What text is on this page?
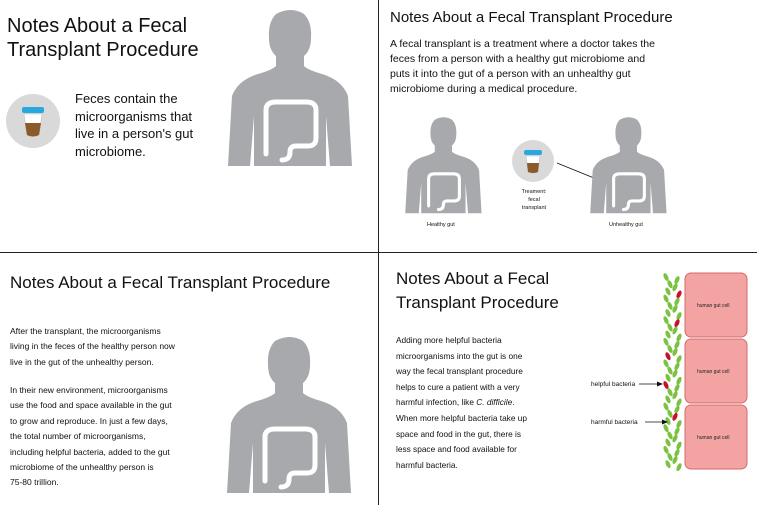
Notes About a Fecal
Transplant Procedure
Feces contain the
microorganisms that
live in a person's gut
microbiome.
Notes About a Fecal Transplant Procedure
A fecal transplant is a treatment where a doctor takes the
feces from a person with a healthy gut microbiome and
puts it into the gut of a person with an unhealthy gut
microbiome during a medical procedure.
Healthy gut
Treament:
fecal transplant
Unhealthy gut
Notes About a Fecal Transplant Procedure
After the transplant, the microorganisms
living in the feces of the healthy person now
live in the gut of the unhealthy person.
In their new environment, microorganisms
use the food and space available in the gut
to grow and reproduce. In just a few days,
the total number of microorganisms,
including helpful bacteria, added to the gut
microbiome of the unhealthy person is
75-80 trillion.
Notes About a Fecal
Transplant Procedure
Adding more helpful bacteria
microorganisms into the gut is one
way the fecal transplant procedure
helps to cure a patient with a very
harmful infection, like C. difficile.
When more helpful bacteria take up
space and food in the gut, there is
less space and food available for
harmful bacteria.
human gut cell
human gut cell
human gut cell
helpful bacteria
harmful bacteria
